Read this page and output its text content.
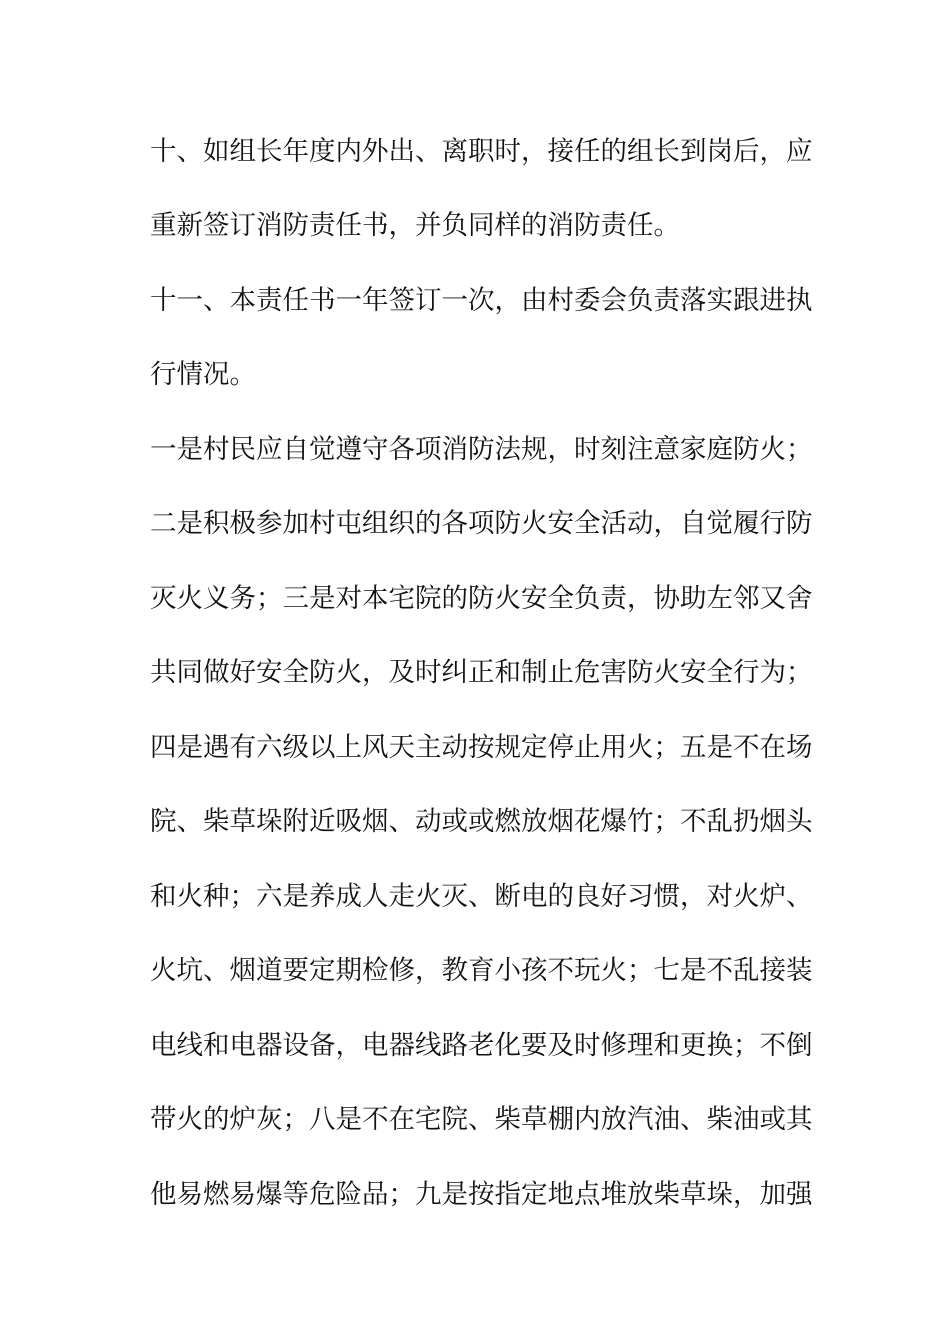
十、如组长年度内外出、离职时，接任的组长到岗后，应
重新签订消防责任书，并负同样的消防责任。
十一、本责任书一年签订一次，由村委会负责落实跟进执
行情况。
一是村民应自觉遵守各项消防法规，时刻注意家庭防火；
二是积极参加村屯组织的各项防火安全活动，自觉履行防
灭火义务；三是对本宅院的防火安全负责，协助左邻又舍
共同做好安全防火，及时纠正和制止危害防火安全行为；
四是遇有六级以上风天主动按规定停止用火；五是不在场
院、柴草垛附近吸烟、动或或燃放烟花爆竹；不乱扔烟头
和火种；六是养成人走火灭、断电的良好习惯，对火炉、
火坑、烟道要定期检修，教育小孩不玩火；七是不乱接装
电线和电器设备，电器线路老化要及时修理和更换；不倒
带火的炉灰；八是不在宅院、柴草棚内放汽油、柴油或其
他易燃易爆等危险品；九是按指定地点堆放柴草垛，加强
